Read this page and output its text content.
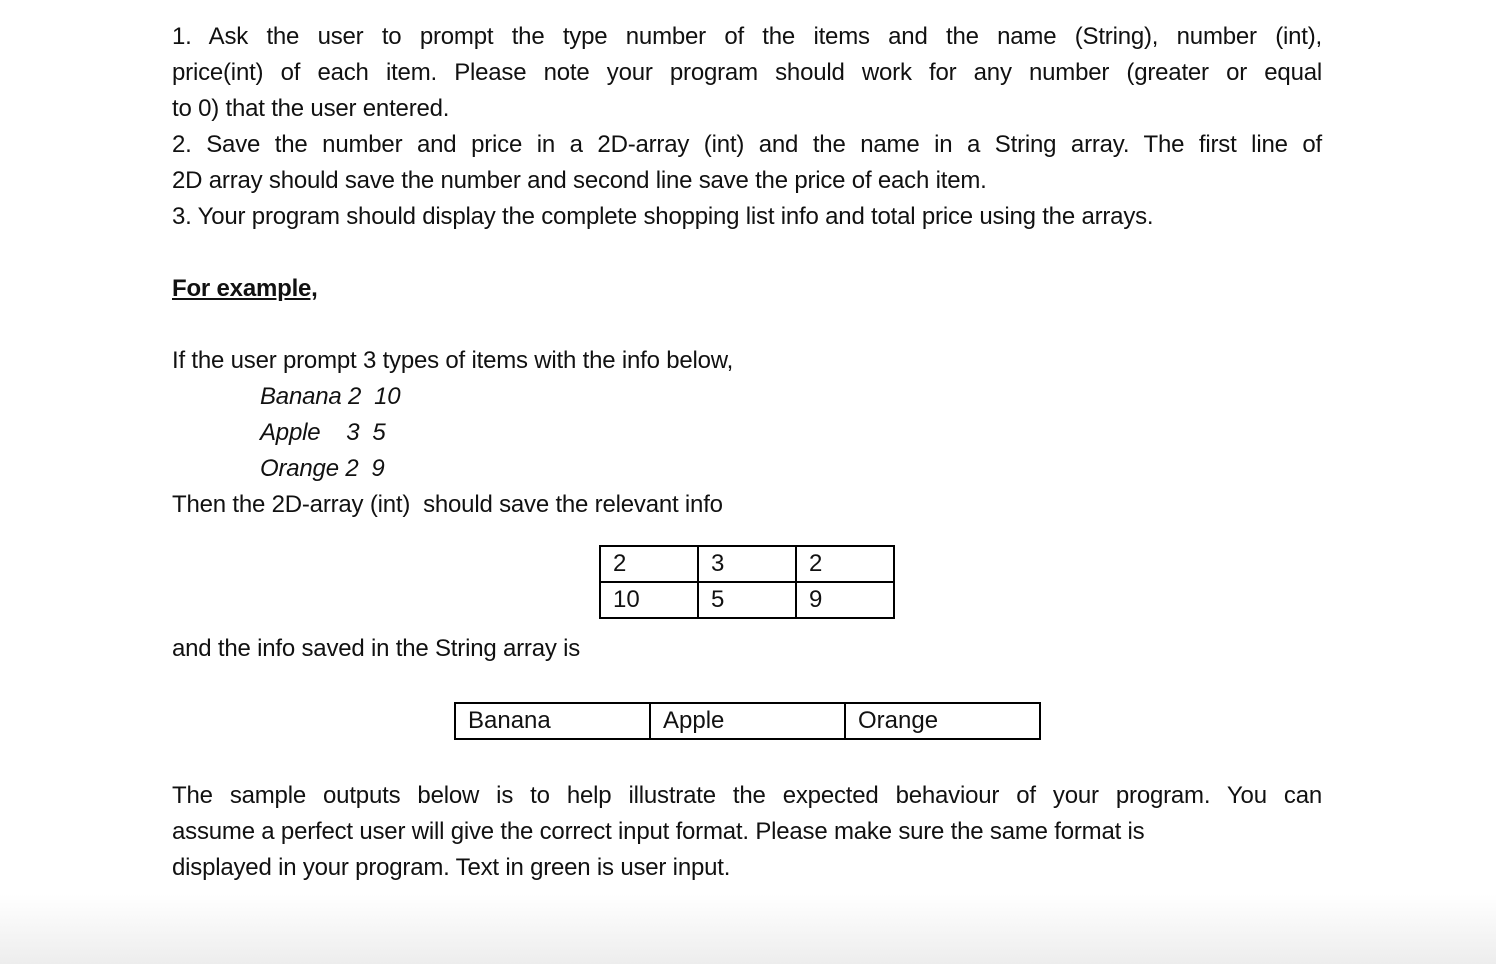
1. Ask the user to prompt the type number of the items and the name (String), number (int),
price(int) of each item. Please note your program should work for any number (greater or equal
to 0) that the user entered.
2. Save the number and price in a 2D-array (int) and the name in a String array. The first line of
2D array should save the number and second line save the price of each item.
3. Your program should display the complete shopping list info and total price using the arrays.
For example,
If the user prompt 3 types of items with the info below,
Banana 2  10
Apple    3  5
Orange 2  9
Then the 2D-array (int)  should save the relevant info
2	3	2
10	5	9
and the info saved in the String array is
Banana	Apple	Orange
The sample outputs below is to help illustrate the expected behaviour of your program. You can
assume a perfect user will give the correct input format. Please make sure the same format is
displayed in your program. Text in green is user input.
